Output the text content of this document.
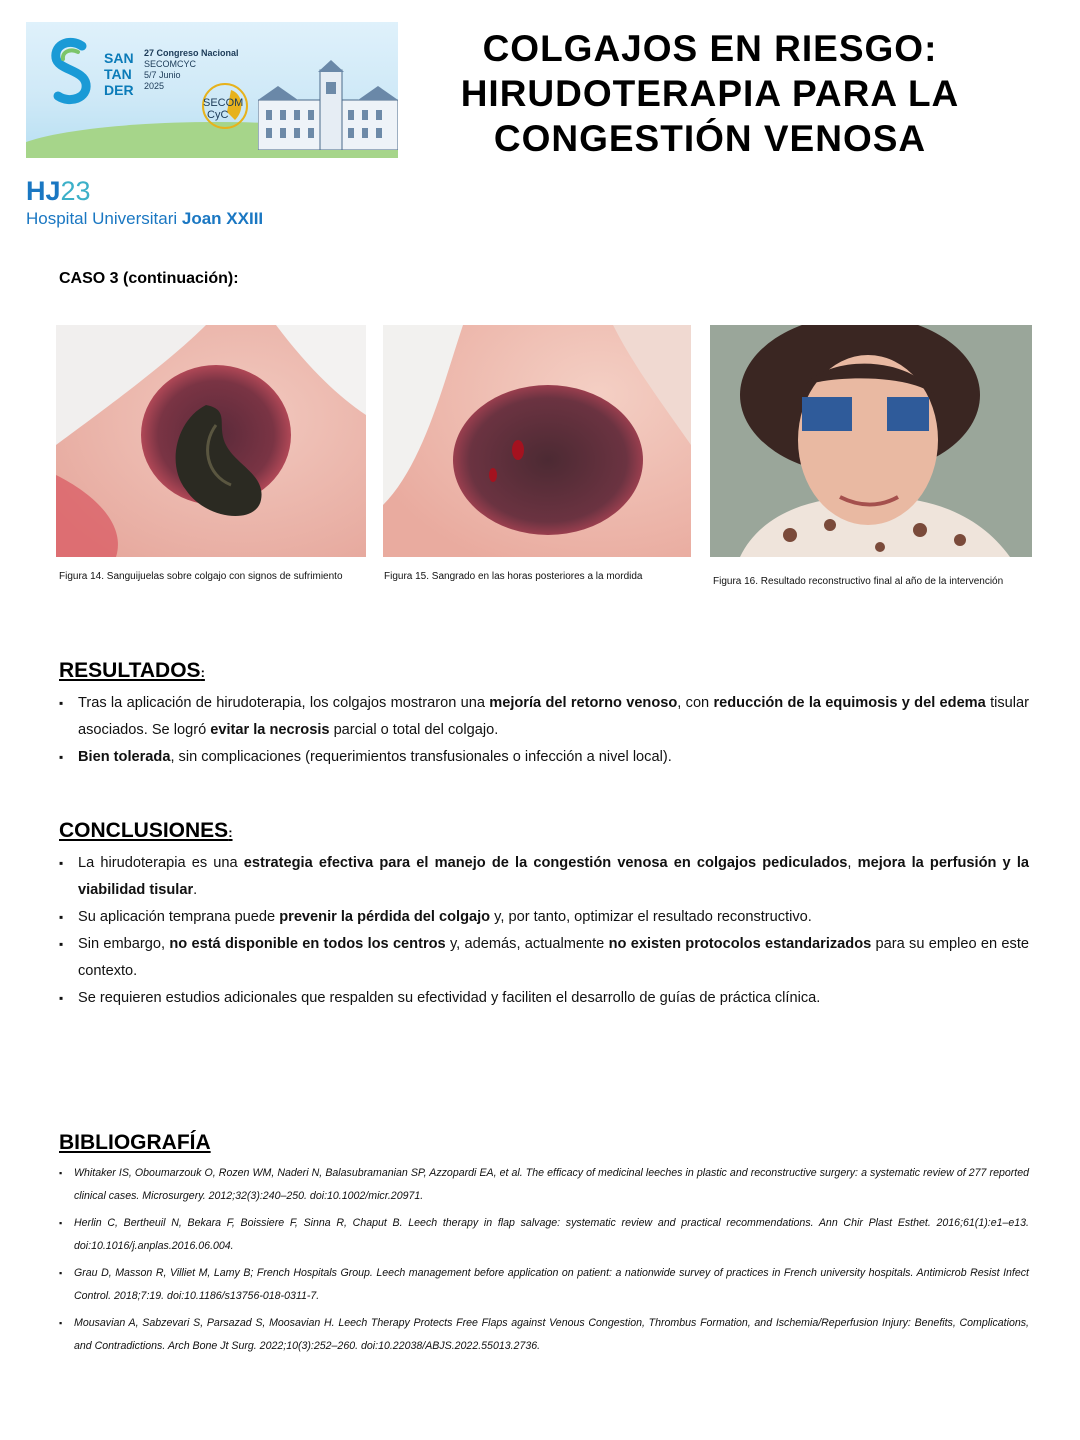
SAN
TAN
DER
27 Congreso Nacional
SECOMCYC
5/7 Junio
2025
SECOM
CyC
COLGAJOS EN RIESGO:
HIRUDOTERAPIA PARA LA
CONGESTIÓN VENOSA
HJ23
Hospital Universitari Joan XXIII
CASO 3 (continuación):
Figura 14. Sanguijuelas sobre colgajo con signos de sufrimiento	Figura 15. Sangrado en las horas posteriores a la mordida	Figura 16. Resultado reconstructivo final al año de la intervención
RESULTADOS:
▪ Tras la aplicación de hirudoterapia, los colgajos mostraron una mejoría del retorno venoso, con reducción de la equimosis y del edema tisular asociados. Se logró evitar la necrosis parcial o total del colgajo.
▪ Bien tolerada, sin complicaciones (requerimientos transfusionales o infección a nivel local).
CONCLUSIONES:
▪ La hirudoterapia es una estrategia efectiva para el manejo de la congestión venosa en colgajos pediculados, mejora la perfusión y la viabilidad tisular.
▪ Su aplicación temprana puede prevenir la pérdida del colgajo y, por tanto, optimizar el resultado reconstructivo.
▪ Sin embargo, no está disponible en todos los centros y, además, actualmente no existen protocolos estandarizados para su empleo en este contexto.
▪ Se requieren estudios adicionales que respalden su efectividad y faciliten el desarrollo de guías de práctica clínica.
BIBLIOGRAFÍA
▪ Whitaker IS, Oboumarzouk O, Rozen WM, Naderi N, Balasubramanian SP, Azzopardi EA, et al. The efficacy of medicinal leeches in plastic and reconstructive surgery: a systematic review of 277 reported clinical cases. Microsurgery. 2012;32(3):240–250. doi:10.1002/micr.20971.
▪ Herlin C, Bertheuil N, Bekara F, Boissiere F, Sinna R, Chaput B. Leech therapy in flap salvage: systematic review and practical recommendations. Ann Chir Plast Esthet. 2016;61(1):e1–e13. doi:10.1016/j.anplas.2016.06.004.
▪ Grau D, Masson R, Villiet M, Lamy B; French Hospitals Group. Leech management before application on patient: a nationwide survey of practices in French university hospitals. Antimicrob Resist Infect Control. 2018;7:19. doi:10.1186/s13756-018-0311-7.
▪ Mousavian A, Sabzevari S, Parsazad S, Moosavian H. Leech Therapy Protects Free Flaps against Venous Congestion, Thrombus Formation, and Ischemia/Reperfusion Injury: Benefits, Complications, and Contradictions. Arch Bone Jt Surg. 2022;10(3):252–260. doi:10.22038/ABJS.2022.55013.2736.
